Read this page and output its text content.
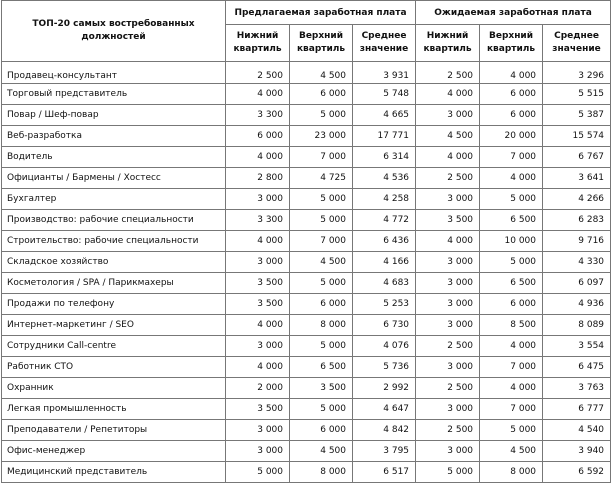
ТОП-20 самых востребованных должностей	Предлагаемая заработная плата			Ожидаемая заработная плата		
	Нижний квартиль	Верхний квартиль	Среднее значение	Нижний квартиль	Верхний квартиль	Среднее значение
Продавец-консультант	2 500	4 500	3 931	2 500	4 000	3 296
Торговый представитель	4 000	6 000	5 748	4 000	6 000	5 515
Повар / Шеф-повар	3 300	5 000	4 665	3 000	6 000	5 387
Веб-разработка	6 000	23 000	17 771	4 500	20 000	15 574
Водитель	4 000	7 000	6 314	4 000	7 000	6 767
Официанты / Бармены / Хостесс	2 800	4 725	4 536	2 500	4 000	3 641
Бухгалтер	3 000	5 000	4 258	3 000	5 000	4 266
Производство: рабочие специальности	3 300	5 000	4 772	3 500	6 500	6 283
Строительство: рабочие специальности	4 000	7 000	6 436	4 000	10 000	9 716
Складское хозяйство	3 000	4 500	4 166	3 000	5 000	4 330
Косметология / SPA / Парикмахеры	3 500	5 000	4 683	3 000	6 500	6 097
Продажи по телефону	3 500	6 000	5 253	3 000	6 000	4 936
Интернет-маркетинг / SEO	4 000	8 000	6 730	3 000	8 500	8 089
Сотрудники Call-centre	3 000	5 000	4 076	2 500	4 000	3 554
Работник СТО	4 000	6 500	5 736	3 000	7 000	6 475
Охранник	2 000	3 500	2 992	2 500	4 000	3 763
Легкая промышленность	3 500	5 000	4 647	3 000	7 000	6 777
Преподаватели / Репетиторы	3 000	6 000	4 842	2 500	5 000	4 540
Офис-менеджер	3 000	4 500	3 795	3 000	4 500	3 940
Медицинский представитель	5 000	8 000	6 517	5 000	8 000	6 592
